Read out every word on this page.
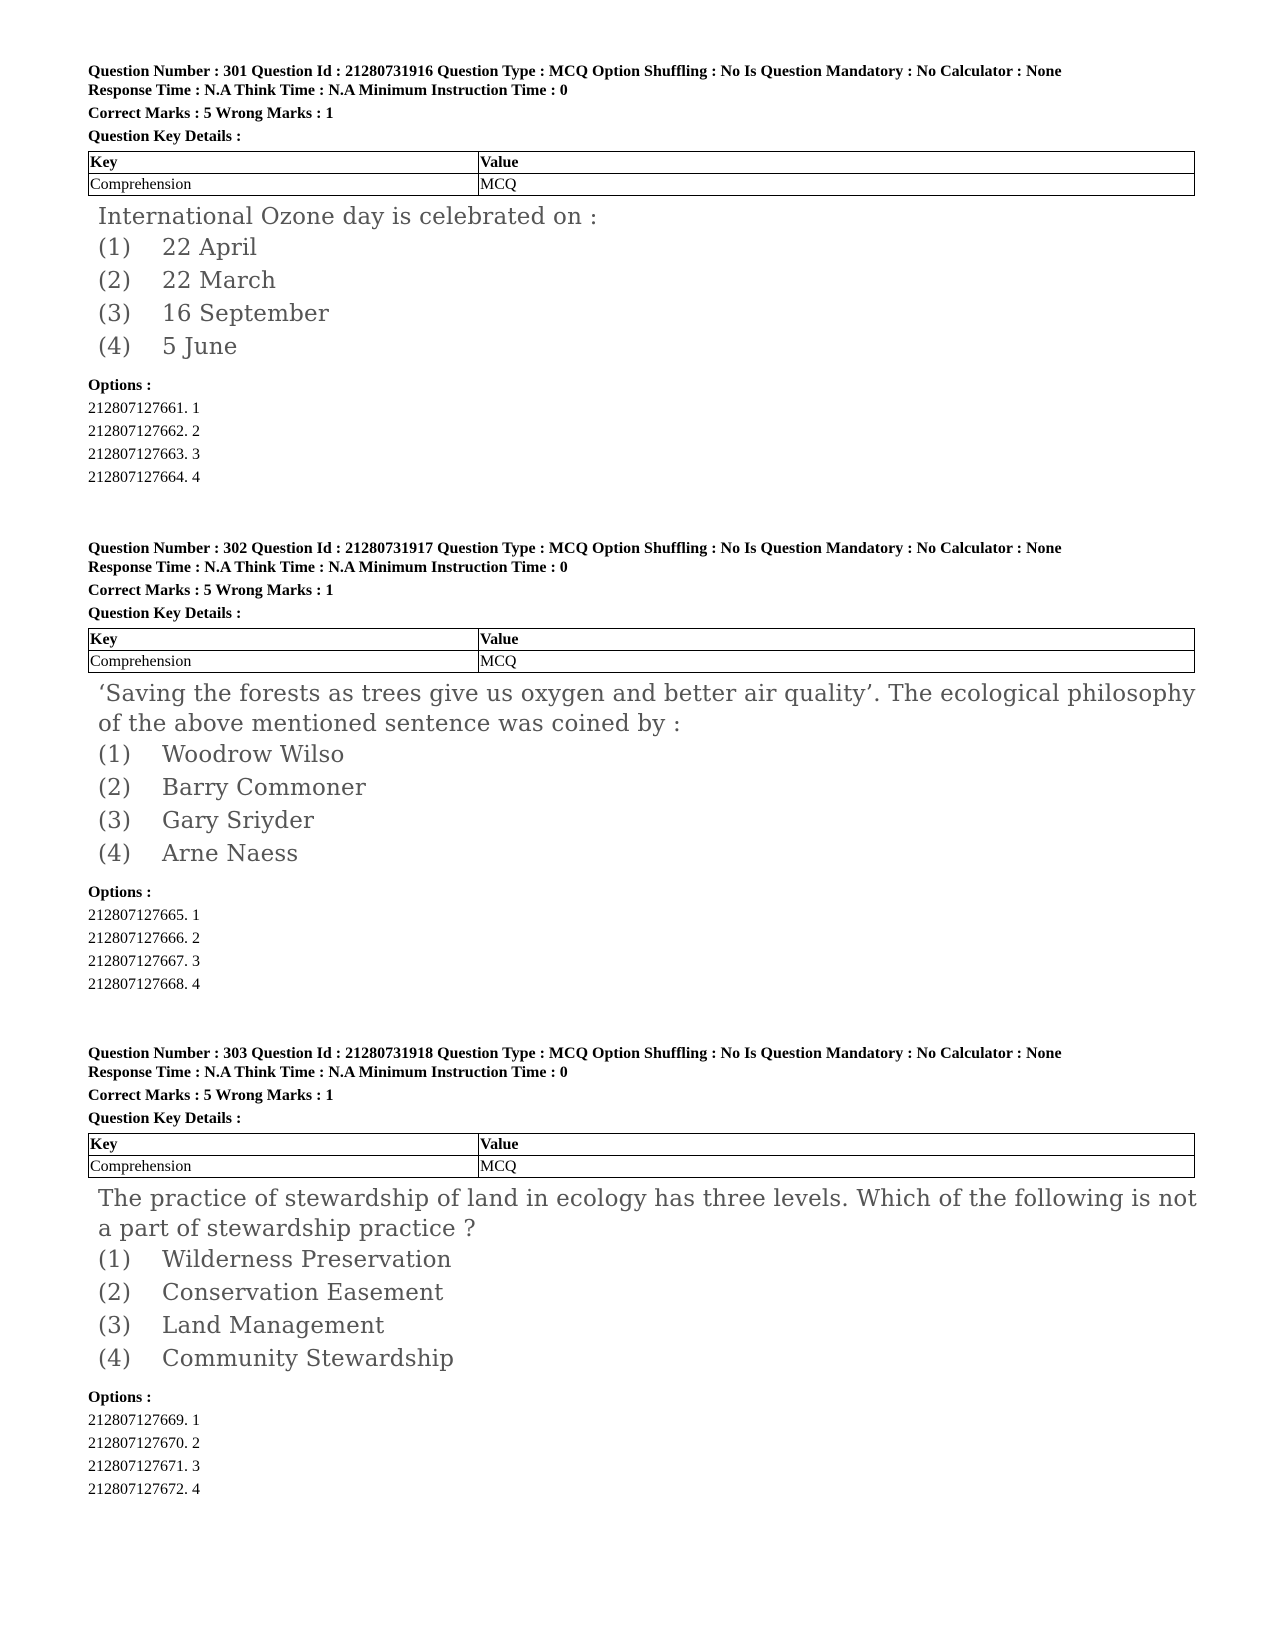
Question Number : 301 Question Id : 21280731916 Question Type : MCQ Option Shuffling : No Is Question Mandatory : No Calculator : None
Response Time : N.A Think Time : N.A Minimum Instruction Time : 0
Correct Marks : 5 Wrong Marks : 1
Question Key Details :
Key	Value
Comprehension	MCQ
International Ozone day is celebrated on :
(1)	22 April
(2)	22 March
(3)	16 September
(4)	5 June
Options :
212807127661. 1
212807127662. 2
212807127663. 3
212807127664. 4
Question Number : 302 Question Id : 21280731917 Question Type : MCQ Option Shuffling : No Is Question Mandatory : No Calculator : None
Response Time : N.A Think Time : N.A Minimum Instruction Time : 0
Correct Marks : 5 Wrong Marks : 1
Question Key Details :
Key	Value
Comprehension	MCQ
‘Saving the forests as trees give us oxygen and better air quality’. The ecological philosophy of the above mentioned sentence was coined by :
(1)	Woodrow Wilso
(2)	Barry Commoner
(3)	Gary Sriyder
(4)	Arne Naess
Options :
212807127665. 1
212807127666. 2
212807127667. 3
212807127668. 4
Question Number : 303 Question Id : 21280731918 Question Type : MCQ Option Shuffling : No Is Question Mandatory : No Calculator : None
Response Time : N.A Think Time : N.A Minimum Instruction Time : 0
Correct Marks : 5 Wrong Marks : 1
Question Key Details :
Key	Value
Comprehension	MCQ
The practice of stewardship of land in ecology has three levels. Which of the following is not a part of stewardship practice ?
(1)	Wilderness Preservation
(2)	Conservation Easement
(3)	Land Management
(4)	Community Stewardship
Options :
212807127669. 1
212807127670. 2
212807127671. 3
212807127672. 4
